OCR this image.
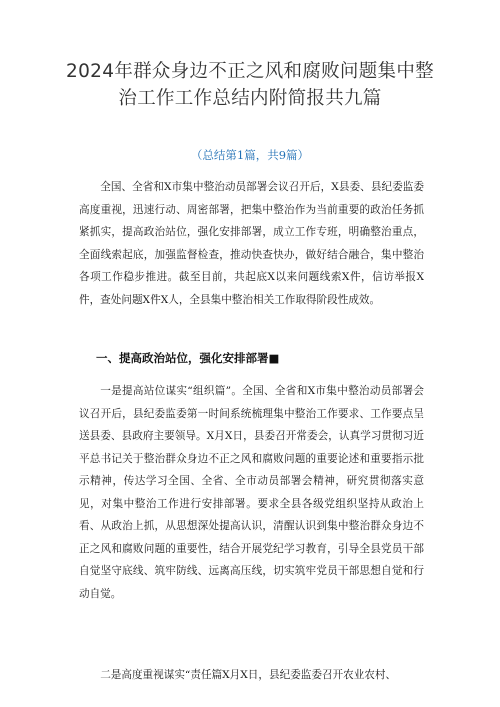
2024年群众身边不正之风和腐败问题集中整治工作工作总结内附简报共九篇
（总结第1篇，共9篇）

全国、全省和X市集中整治动员部署会议召开后，X县委、县纪委监委高度重视，迅速行动、周密部署，把集中整治作为当前重要的政治任务抓紧抓实，提高政治站位，强化安排部署，成立工作专班，明确整治重点，全面线索起底，加强监督检查，推动快查快办，做好结合融合，集中整治各项工作稳步推进。截至目前，共起底X以来问题线索X件，信访举报X件，查处问题X件X人，全县集中整治相关工作取得阶段性成效。

一、提高政治站位，强化安排部署■

一是提高站位谋实“组织篇”。全国、全省和X市集中整治动员部署会议召开后，县纪委监委第一时间系统梳理集中整治工作要求、工作要点呈送县委、县政府主要领导。X月X日，县委召开常委会，认真学习贯彻习近平总书记关于整治群众身边不正之风和腐败问题的重要论述和重要指示批示精神，传达学习全国、全省、全市动员部署会精神，研究贯彻落实意见，对集中整治工作进行安排部署。要求全县各级党组织坚持从政治上看、从政治上抓，从思想深处提高认识，清醒认识到集中整治群众身边不正之风和腐败问题的重要性，结合开展党纪学习教育，引导全县党员干部自觉坚守底线、筑牢防线、远离高压线，切实筑牢党员干部思想自觉和行动自觉。

二是高度重视谋实“责任篇X月X日，县纪委监委召开农业农村、
